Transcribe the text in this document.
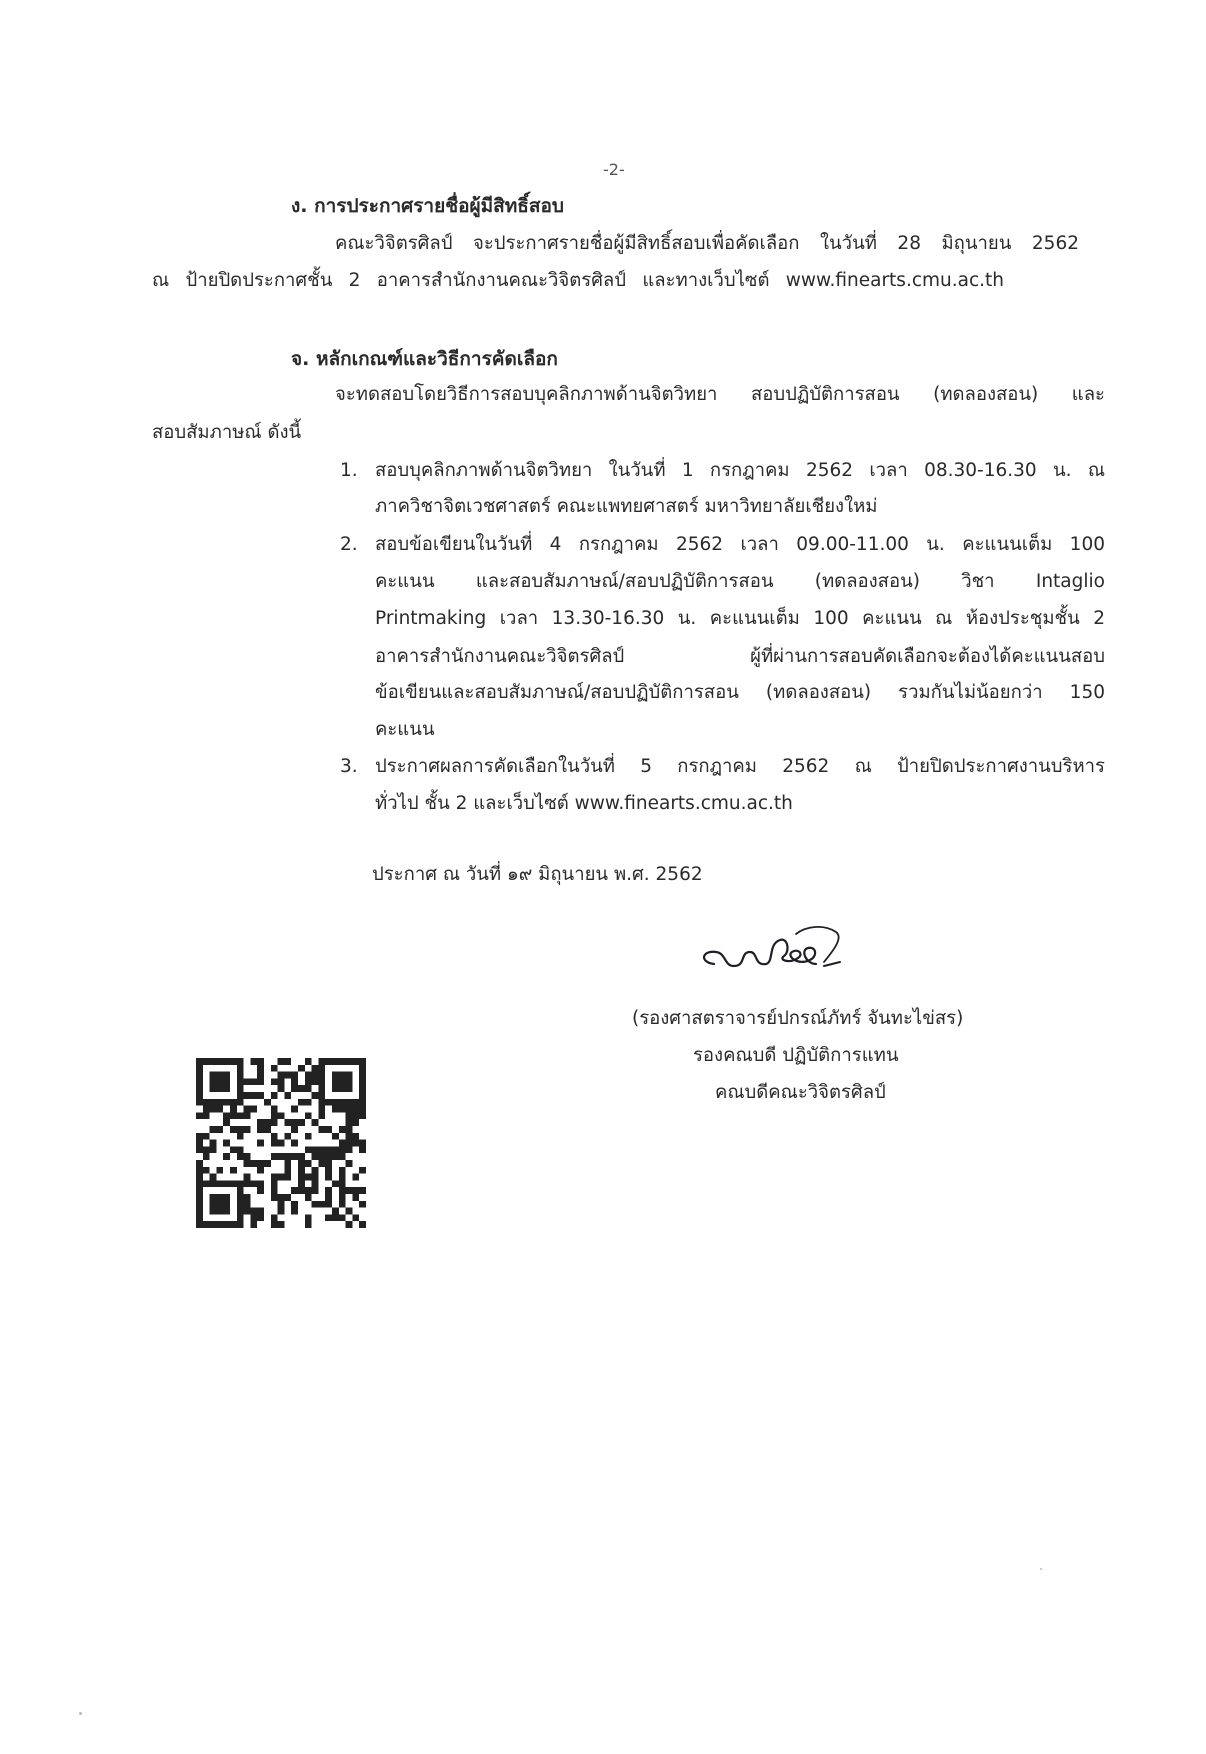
-2-
ง. การประกาศรายชื่อผู้มีสิทธิ์สอบ
คณะวิจิตรศิลป์ จะประกาศรายชื่อผู้มีสิทธิ์สอบเพื่อคัดเลือก ในวันที่ 28 มิถุนายน 2562
ณ ป้ายปิดประกาศชั้น 2 อาคารสำนักงานคณะวิจิตรศิลป์ และทางเว็บไซต์ www.finearts.cmu.ac.th
จ. หลักเกณฑ์และวิธีการคัดเลือก
จะทดสอบโดยวิธีการสอบบุคลิกภาพด้านจิตวิทยา สอบปฏิบัติการสอน (ทดลองสอน) และ
สอบสัมภาษณ์ ดังนี้
1. สอบบุคลิกภาพด้านจิตวิทยา ในวันที่ 1 กรกฎาคม 2562 เวลา 08.30-16.30 น. ณ
ภาควิชาจิตเวชศาสตร์ คณะแพทยศาสตร์ มหาวิทยาลัยเชียงใหม่
2. สอบข้อเขียนในวันที่ 4 กรกฎาคม 2562 เวลา 09.00-11.00 น. คะแนนเต็ม 100
คะแนน และสอบสัมภาษณ์/สอบปฏิบัติการสอน (ทดลองสอน) วิชา Intaglio
Printmaking เวลา 13.30-16.30 น. คะแนนเต็ม 100 คะแนน ณ ห้องประชุมชั้น 2
อาคารสำนักงานคณะวิจิตรศิลป์ ผู้ที่ผ่านการสอบคัดเลือกจะต้องได้คะแนนสอบ
ข้อเขียนและสอบสัมภาษณ์/สอบปฏิบัติการสอน (ทดลองสอน) รวมกันไม่น้อยกว่า 150
คะแนน
3. ประกาศผลการคัดเลือกในวันที่ 5 กรกฎาคม 2562 ณ ป้ายปิดประกาศงานบริหาร
ทั่วไป ชั้น 2 และเว็บไซต์ www.finearts.cmu.ac.th
ประกาศ ณ วันที่ ๑๙ มิถุนายน พ.ศ. 2562
(รองศาสตราจารย์ปกรณ์ภัทร์ จันทะไข่สร)
รองคณบดี ปฏิบัติการแทน
คณบดีคณะวิจิตรศิลป์
